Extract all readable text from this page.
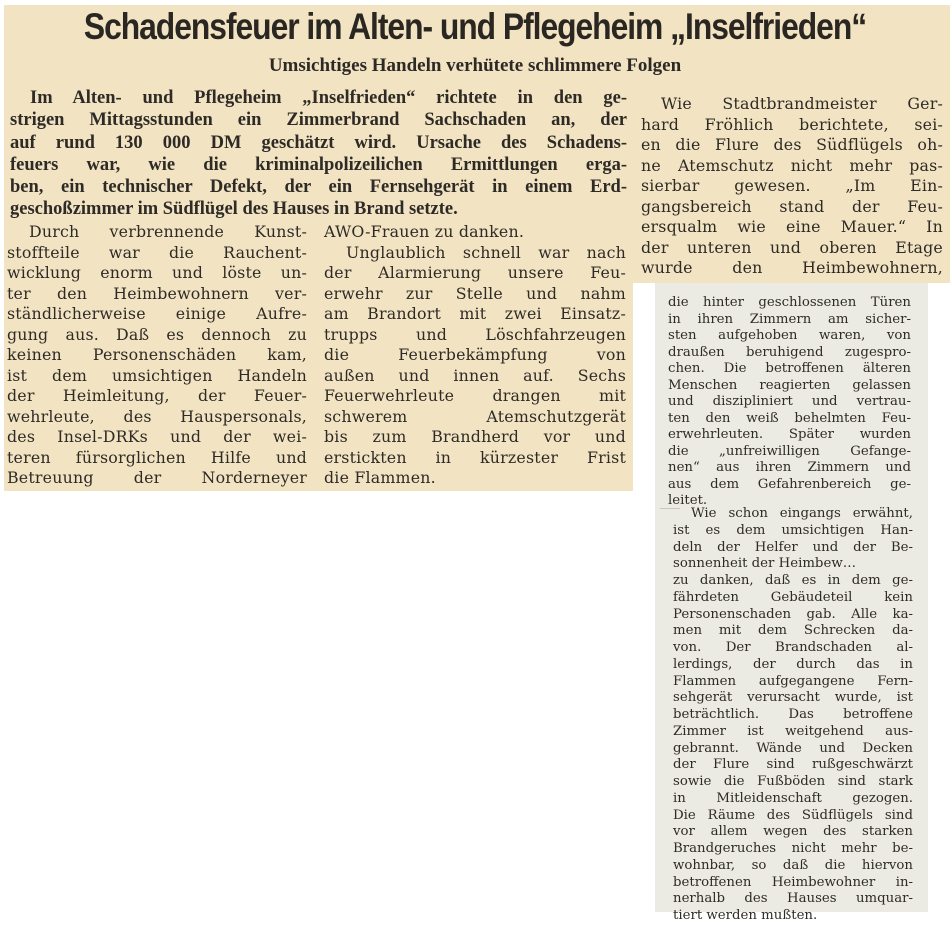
Schadensfeuer im Alten- und Pflegeheim „Inselfrieden“
Umsichtiges Handeln verhütete schlimmere Folgen
Im Alten- und Pflegeheim „Inselfrieden“ richtete in den ge-
strigen Mittagsstunden ein Zimmerbrand Sachschaden an, der
auf rund 130 000 DM geschätzt wird. Ursache des Schadens-
feuers war, wie die kriminalpolizeilichen Ermittlungen erga-
ben, ein technischer Defekt, der ein Fernsehgerät in einem Erd-
geschoßzimmer im Südflügel des Hauses in Brand setzte.
Durch verbrennende Kunst-
stoffteile war die Rauchent-
wicklung enorm und löste un-
ter den Heimbewohnern ver-
ständlicherweise einige Aufre-
gung aus. Daß es dennoch zu
keinen Personenschäden kam,
ist dem umsichtigen Handeln
der Heimleitung, der Feuer-
wehrleute, des Hauspersonals,
des Insel-DRKs und der wei-
teren fürsorglichen Hilfe und
Betreuung der Norderneyer
AWO-Frauen zu danken.
Unglaublich schnell war nach
der Alarmierung unsere Feu-
erwehr zur Stelle und nahm
am Brandort mit zwei Einsatz-
trupps und Löschfahrzeugen
die Feuerbekämpfung von
außen und innen auf. Sechs
Feuerwehrleute drangen mit
schwerem Atemschutzgerät
bis zum Brandherd vor und
erstickten in kürzester Frist
die Flammen.
Wie Stadtbrandmeister Ger-
hard Fröhlich berichtete, sei-
en die Flure des Südflügels oh-
ne Atemschutz nicht mehr pas-
sierbar gewesen. „Im Ein-
gangsbereich stand der Feu-
ersqualm wie eine Mauer.“ In
der unteren und oberen Etage
wurde den Heimbewohnern,
die hinter geschlossenen Türen
in ihren Zimmern am sicher-
sten aufgehoben waren, von
draußen beruhigend zugespro-
chen. Die betroffenen älteren
Menschen reagierten gelassen
und diszipliniert und vertrau-
ten den weiß behelmten Feu-
erwehrleuten. Später wurden
die „unfreiwilligen Gefange-
nen“ aus ihren Zimmern und
aus dem Gefahrenbereich ge-
leitet.
Wie schon eingangs erwähnt,
ist es dem umsichtigen Han-
deln der Helfer und der Be-
sonnenheit der Heimbew…
zu danken, daß es in dem ge-
fährdeten Gebäudeteil kein
Personenschaden gab. Alle ka-
men mit dem Schrecken da-
von. Der Brandschaden al-
lerdings, der durch das in
Flammen aufgegangene Fern-
sehgerät verursacht wurde, ist
beträchtlich. Das betroffene
Zimmer ist weitgehend aus-
gebrannt. Wände und Decken
der Flure sind rußgeschwärzt
sowie die Fußböden sind stark
in Mitleidenschaft gezogen.
Die Räume des Südflügels sind
vor allem wegen des starken
Brandgeruches nicht mehr be-
wohnbar, so daß die hiervon
betroffenen Heimbewohner in-
nerhalb des Hauses umquar-
tiert werden mußten.
